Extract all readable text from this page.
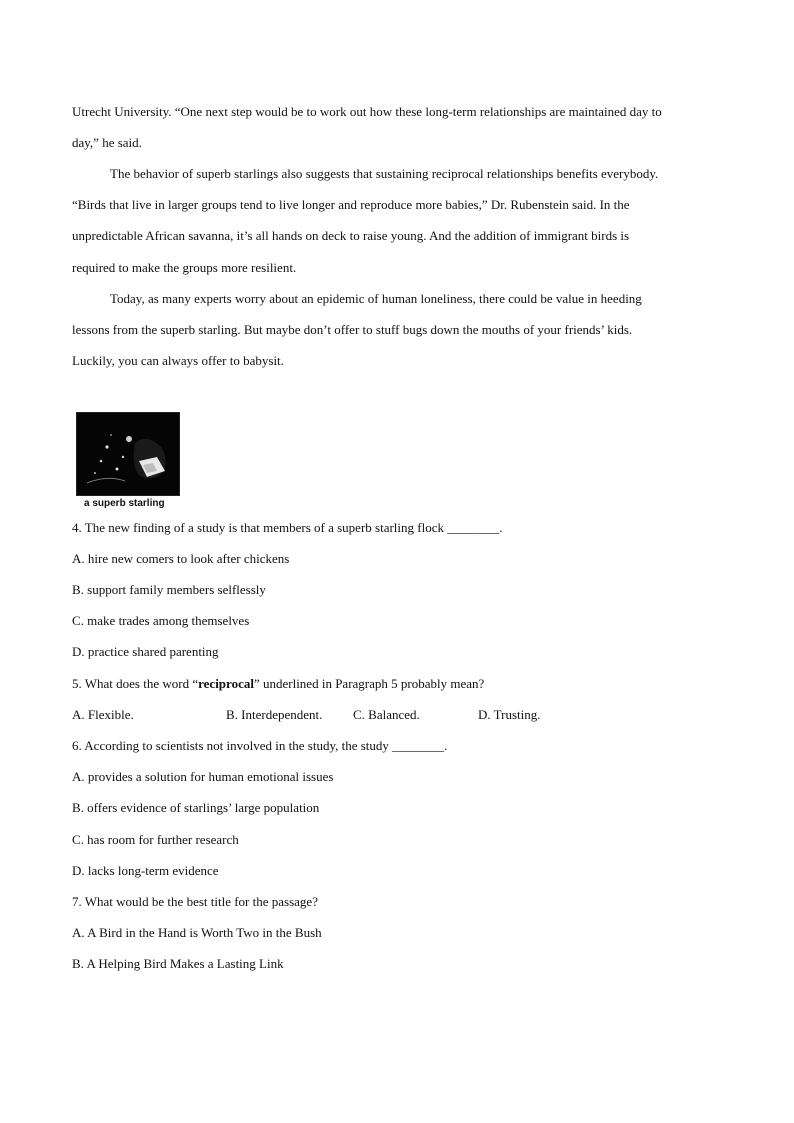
Utrecht University. “One next step would be to work out how these long-term relationships are maintained day to
day,” he said.
The behavior of superb starlings also suggests that sustaining reciprocal relationships benefits everybody.
“Birds that live in larger groups tend to live longer and reproduce more babies,” Dr. Rubenstein said. In the
unpredictable African savanna, it’s all hands on deck to raise young. And the addition of immigrant birds is
required to make the groups more resilient.
Today, as many experts worry about an epidemic of human loneliness, there could be value in heeding
lessons from the superb starling. But maybe don’t offer to stuff bugs down the mouths of your friends’ kids.
Luckily, you can always offer to babysit.
a superb starling
4. The new finding of a study is that members of a superb starling flock ________.
A. hire new comers to look after chickens
B. support family members selflessly
C. make trades among themselves
D. practice shared parenting
5. What does the word “reciprocal” underlined in Paragraph 5 probably mean?
A. Flexible.	B. Interdependent. C. Balanced.	D. Trusting.
6. According to scientists not involved in the study, the study ________.
A. provides a solution for human emotional issues
B. offers evidence of starlings’ large population
C. has room for further research
D. lacks long-term evidence
7. What would be the best title for the passage?
A. A Bird in the Hand is Worth Two in the Bush
B. A Helping Bird Makes a Lasting Link
